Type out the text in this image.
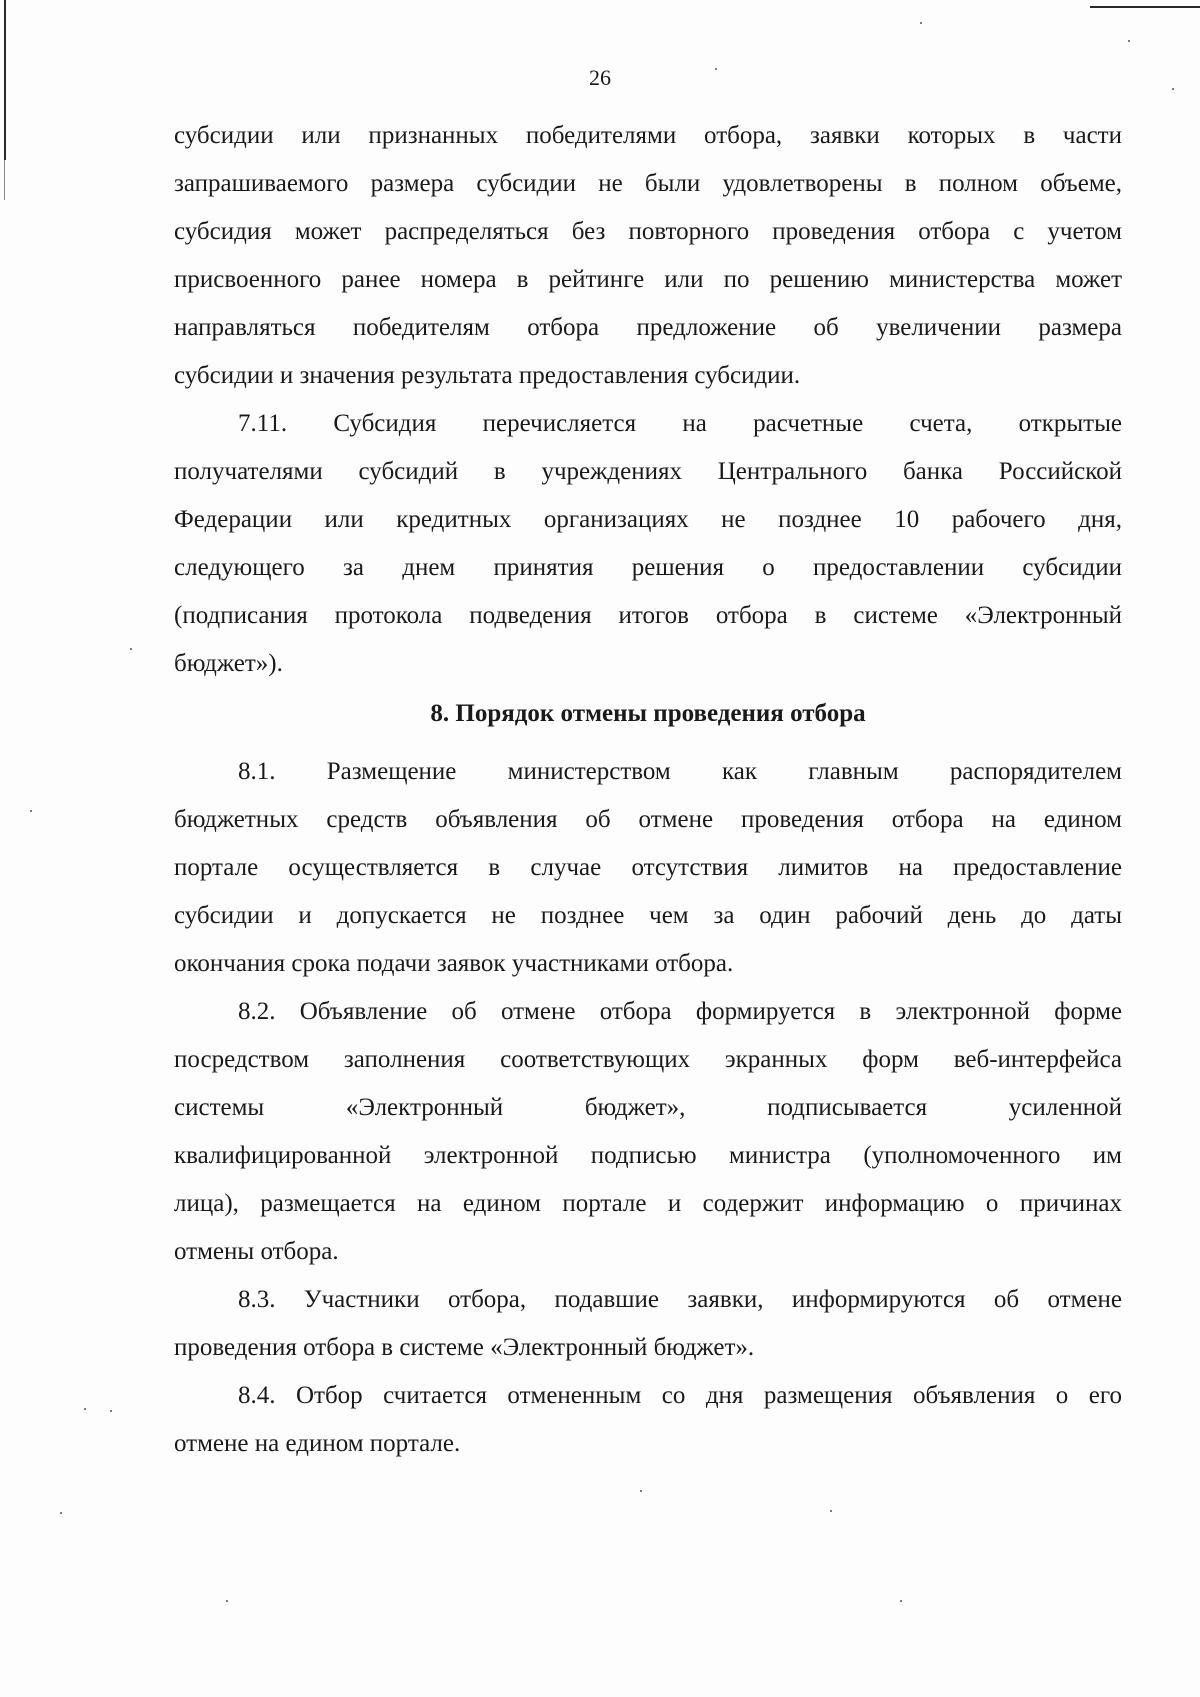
26

субсидии или признанных победителями отбора, заявки которых в части
запрашиваемого размера субсидии не были удовлетворены в полном объеме,
субсидия может распределяться без повторного проведения отбора с учетом
присвоенного ранее номера в рейтинге или по решению министерства может
направляться победителям отбора предложение об увеличении размера
субсидии и значения результата предоставления субсидии.

7.11. Субсидия перечисляется на расчетные счета, открытые
получателями субсидий в учреждениях Центрального банка Российской
Федерации или кредитных организациях не позднее 10 рабочего дня,
следующего за днем принятия решения о предоставлении субсидии
(подписания протокола подведения итогов отбора в системе «Электронный
бюджет»).

8. Порядок отмены проведения отбора

8.1. Размещение министерством как главным распорядителем
бюджетных средств объявления об отмене проведения отбора на едином
портале осуществляется в случае отсутствия лимитов на предоставление
субсидии и допускается не позднее чем за один рабочий день до даты
окончания срока подачи заявок участниками отбора.

8.2. Объявление об отмене отбора формируется в электронной форме
посредством заполнения соответствующих экранных форм веб-интерфейса
системы «Электронный бюджет», подписывается усиленной
квалифицированной электронной подписью министра (уполномоченного им
лица), размещается на едином портале и содержит информацию о причинах
отмены отбора.

8.3. Участники отбора, подавшие заявки, информируются об отмене
проведения отбора в системе «Электронный бюджет».

8.4. Отбор считается отмененным со дня размещения объявления о его
отмене на едином портале.
